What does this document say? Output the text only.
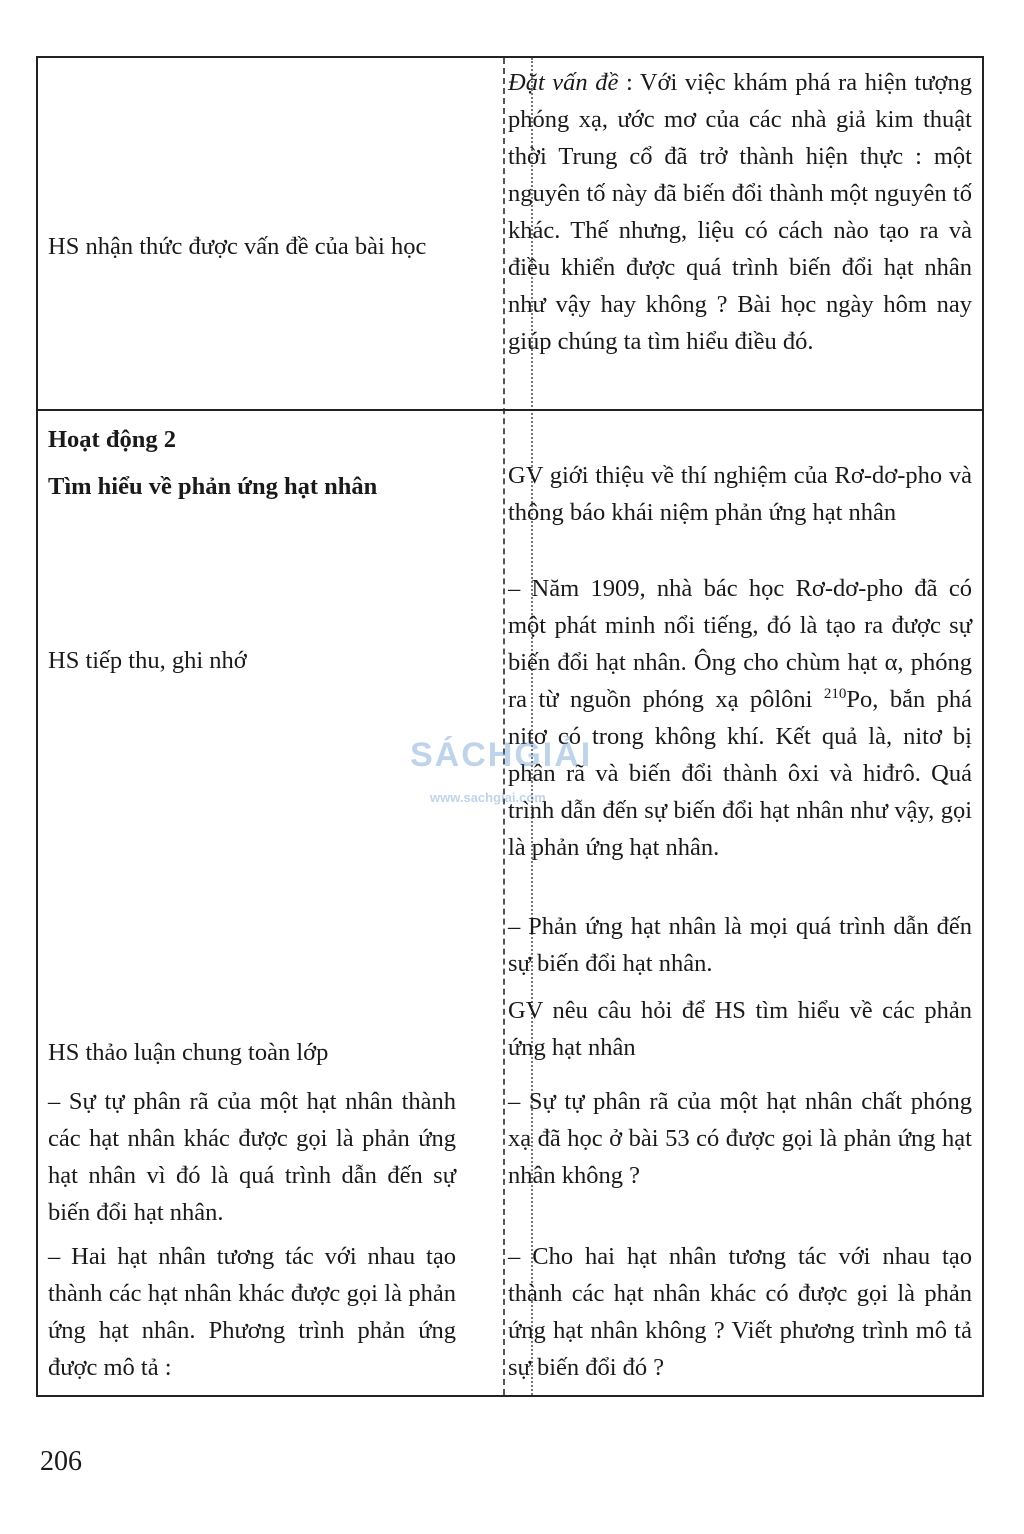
HS nhận thức được vấn đề của bài học
Đặt vấn đề : Với việc khám phá ra hiện tượng phóng xạ, ước mơ của các nhà giả kim thuật thời Trung cổ đã trở thành hiện thực : một nguyên tố này đã biến đổi thành một nguyên tố khác. Thế nhưng, liệu có cách nào tạo ra và điều khiển được quá trình biến đổi hạt nhân như vậy hay không ? Bài học ngày hôm nay giúp chúng ta tìm hiểu điều đó.
Hoạt động 2
Tìm hiểu về phản ứng hạt nhân
HS tiếp thu, ghi nhớ
HS thảo luận chung toàn lớp
– Sự tự phân rã của một hạt nhân thành các hạt nhân khác được gọi là phản ứng hạt nhân vì đó là quá trình dẫn đến sự biến đổi hạt nhân.
– Hai hạt nhân tương tác với nhau tạo thành các hạt nhân khác được gọi là phản ứng hạt nhân. Phương trình phản ứng được mô tả :
GV giới thiệu về thí nghiệm của Rơ-dơ-pho và thông báo khái niệm phản ứng hạt nhân
– Năm 1909, nhà bác học Rơ-dơ-pho đã có một phát minh nổi tiếng, đó là tạo ra được sự biến đổi hạt nhân. Ông cho chùm hạt α, phóng ra từ nguồn phóng xạ pôlôni $^{210}$Po, bắn phá nitơ có trong không khí. Kết quả là, nitơ bị phân rã và biến đổi thành ôxi và hiđrô. Quá trình dẫn đến sự biến đổi hạt nhân như vậy, gọi là phản ứng hạt nhân.
– Phản ứng hạt nhân là mọi quá trình dẫn đến sự biến đổi hạt nhân.
GV nêu câu hỏi để HS tìm hiểu về các phản ứng hạt nhân
– Sự tự phân rã của một hạt nhân chất phóng xạ đã học ở bài 53 có được gọi là phản ứng hạt nhân không ?
– Cho hai hạt nhân tương tác với nhau tạo thành các hạt nhân khác có được gọi là phản ứng hạt nhân không ? Viết phương trình mô tả sự biến đổi đó ?
SÁCHGIẢI
www.sachgiai.com
206
